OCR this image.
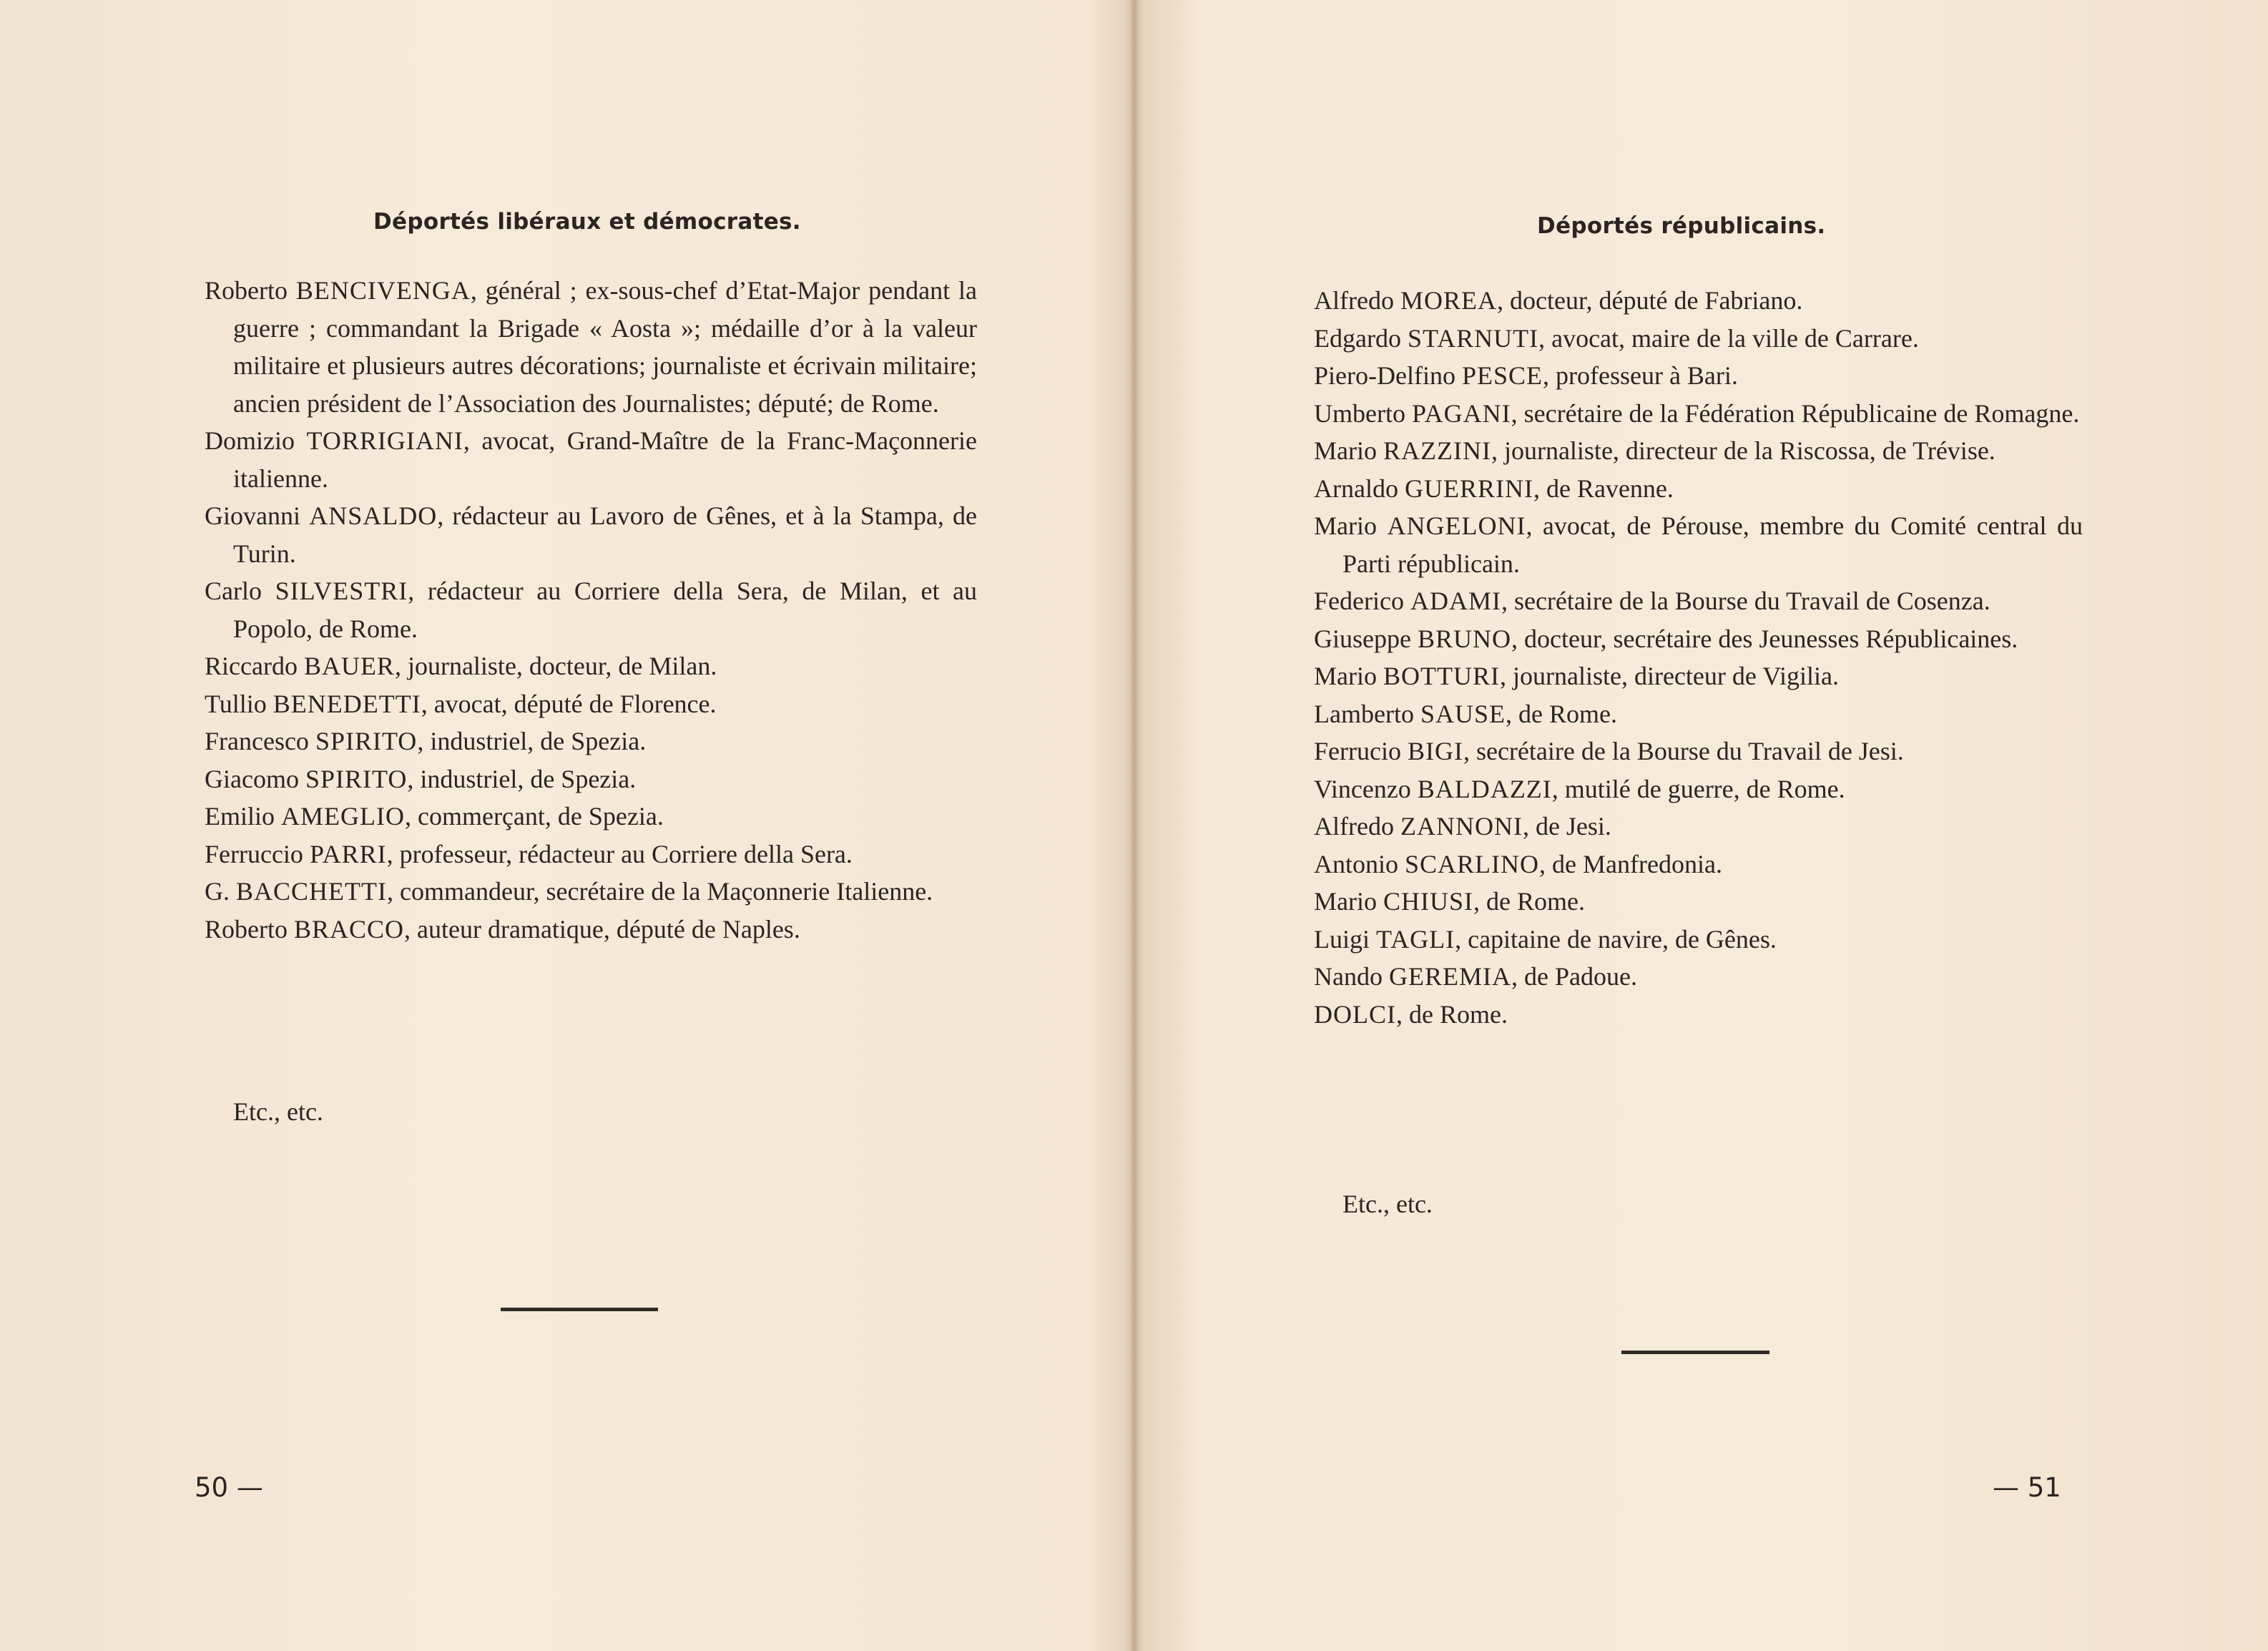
Déportés libéraux et démocrates.
Roberto BENCIVENGA, général ; ex-sous-chef d’Etat-Major pendant la guerre ; commandant la Brigade « Aosta »; médaille d’or à la valeur militaire et plusieurs autres décorations; journaliste et écrivain militaire; ancien président de l’Association des Journalistes; député; de Rome.
Domizio TORRIGIANI, avocat, Grand-Maître de la Franc-Maçonnerie italienne.
Giovanni ANSALDO, rédacteur au Lavoro de Gênes, et à la Stampa, de Turin.
Carlo SILVESTRI, rédacteur au Corriere della Sera, de Milan, et au Popolo, de Rome.
Riccardo BAUER, journaliste, docteur, de Milan.
Tullio BENEDETTI, avocat, député de Florence.
Francesco SPIRITO, industriel, de Spezia.
Giacomo SPIRITO, industriel, de Spezia.
Emilio AMEGLIO, commerçant, de Spezia.
Ferruccio PARRI, professeur, rédacteur au Corriere della Sera.
G. BACCHETTI, commandeur, secrétaire de la Maçonnerie Italienne.
Roberto BRACCO, auteur dramatique, député de Naples.
Etc., etc.
50 —
Déportés républicains.
Alfredo MOREA, docteur, député de Fabriano.
Edgardo STARNUTI, avocat, maire de la ville de Carrare.
Piero-Delfino PESCE, professeur à Bari.
Umberto PAGANI, secrétaire de la Fédération Républicaine de Romagne.
Mario RAZZINI, journaliste, directeur de la Riscossa, de Trévise.
Arnaldo GUERRINI, de Ravenne.
Mario ANGELONI, avocat, de Pérouse, membre du Comité central du Parti républicain.
Federico ADAMI, secrétaire de la Bourse du Travail de Cosenza.
Giuseppe BRUNO, docteur, secrétaire des Jeunesses Républicaines.
Mario BOTTURI, journaliste, directeur de Vigilia.
Lamberto SAUSE, de Rome.
Ferrucio BIGI, secrétaire de la Bourse du Travail de Jesi.
Vincenzo BALDAZZI, mutilé de guerre, de Rome.
Alfredo ZANNONI, de Jesi.
Antonio SCARLINO, de Manfredonia.
Mario CHIUSI, de Rome.
Luigi TAGLI, capitaine de navire, de Gênes.
Nando GEREMIA, de Padoue.
DOLCI, de Rome.
Etc., etc.
— 51
